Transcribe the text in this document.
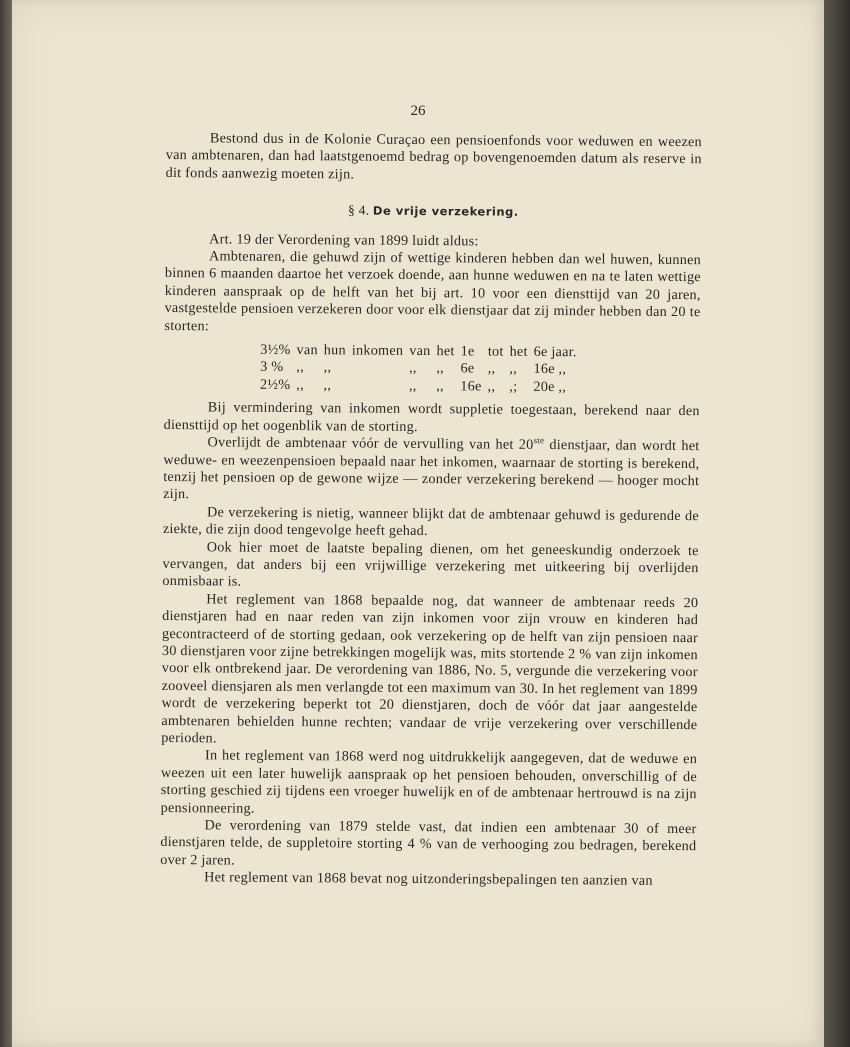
26

Bestond dus in de Kolonie Curaçao een pensioenfonds voor weduwen en weezen van ambtenaren, dan had laatstgenoemd bedrag op bovengenoemden datum als reserve in dit fonds aanwezig moeten zijn.

§ 4. De vrije verzekering.

Art. 19 der Verordening van 1899 luidt aldus:

Ambtenaren, die gehuwd zijn of wettige kinderen hebben dan wel huwen, kunnen binnen 6 maanden daartoe het verzoek doende, aan hunne weduwen en na te laten wettige kinderen aanspraak op de helft van het bij art. 10 voor een diensttijd van 20 jaren, vastgestelde pensioen verzekeren door voor elk dienstjaar dat zij minder hebben dan 20 te storten:

3½%	van	hun	inkomen	van	het	1e	tot	het	6e jaar.
3 %	,,	,,		,,	,,	6e	,,	,,	16e ,,
2½%	,,	,,		,,	,,	16e	,,	,;	20e ,,

Bij vermindering van inkomen wordt suppletie toegestaan, berekend naar den diensttijd op het oogenblik van de storting.

Overlijdt de ambtenaar vóór de vervulling van het 20ste dienstjaar, dan wordt het weduwe- en weezenpensioen bepaald naar het inkomen, waarnaar de storting is berekend, tenzij het pensioen op de gewone wijze — zonder verzekering berekend — hooger mocht zijn.

De verzekering is nietig, wanneer blijkt dat de ambtenaar gehuwd is gedurende de ziekte, die zijn dood tengevolge heeft gehad.

Ook hier moet de laatste bepaling dienen, om het geneeskundig onderzoek te vervangen, dat anders bij een vrijwillige verzekering met uitkeering bij overlijden onmisbaar is.

Het reglement van 1868 bepaalde nog, dat wanneer de ambtenaar reeds 20 dienstjaren had en naar reden van zijn inkomen voor zijn vrouw en kinderen had gecontracteerd of de storting gedaan, ook verzekering op de helft van zijn pensioen naar 30 dienstjaren voor zijne betrekkingen mogelijk was, mits stortende 2 % van zijn inkomen voor elk ontbrekend jaar. De verordening van 1886, No. 5, vergunde die verzekering voor zooveel diensjaren als men verlangde tot een maximum van 30. In het reglement van 1899 wordt de verzekering beperkt tot 20 dienstjaren, doch de vóór dat jaar aangestelde ambtenaren behielden hunne rechten; vandaar de vrije verzekering over verschillende perioden.

In het reglement van 1868 werd nog uitdrukkelijk aangegeven, dat de weduwe en weezen uit een later huwelijk aanspraak op het pensioen behouden, onverschillig of de storting geschied zij tijdens een vroeger huwelijk en of de ambtenaar hertrouwd is na zijn pensionneering.

De verordening van 1879 stelde vast, dat indien een ambtenaar 30 of meer dienstjaren telde, de suppletoire storting 4 % van de verhooging zou bedragen, berekend over 2 jaren.

Het reglement van 1868 bevat nog uitzonderingsbepalingen ten aanzien van
